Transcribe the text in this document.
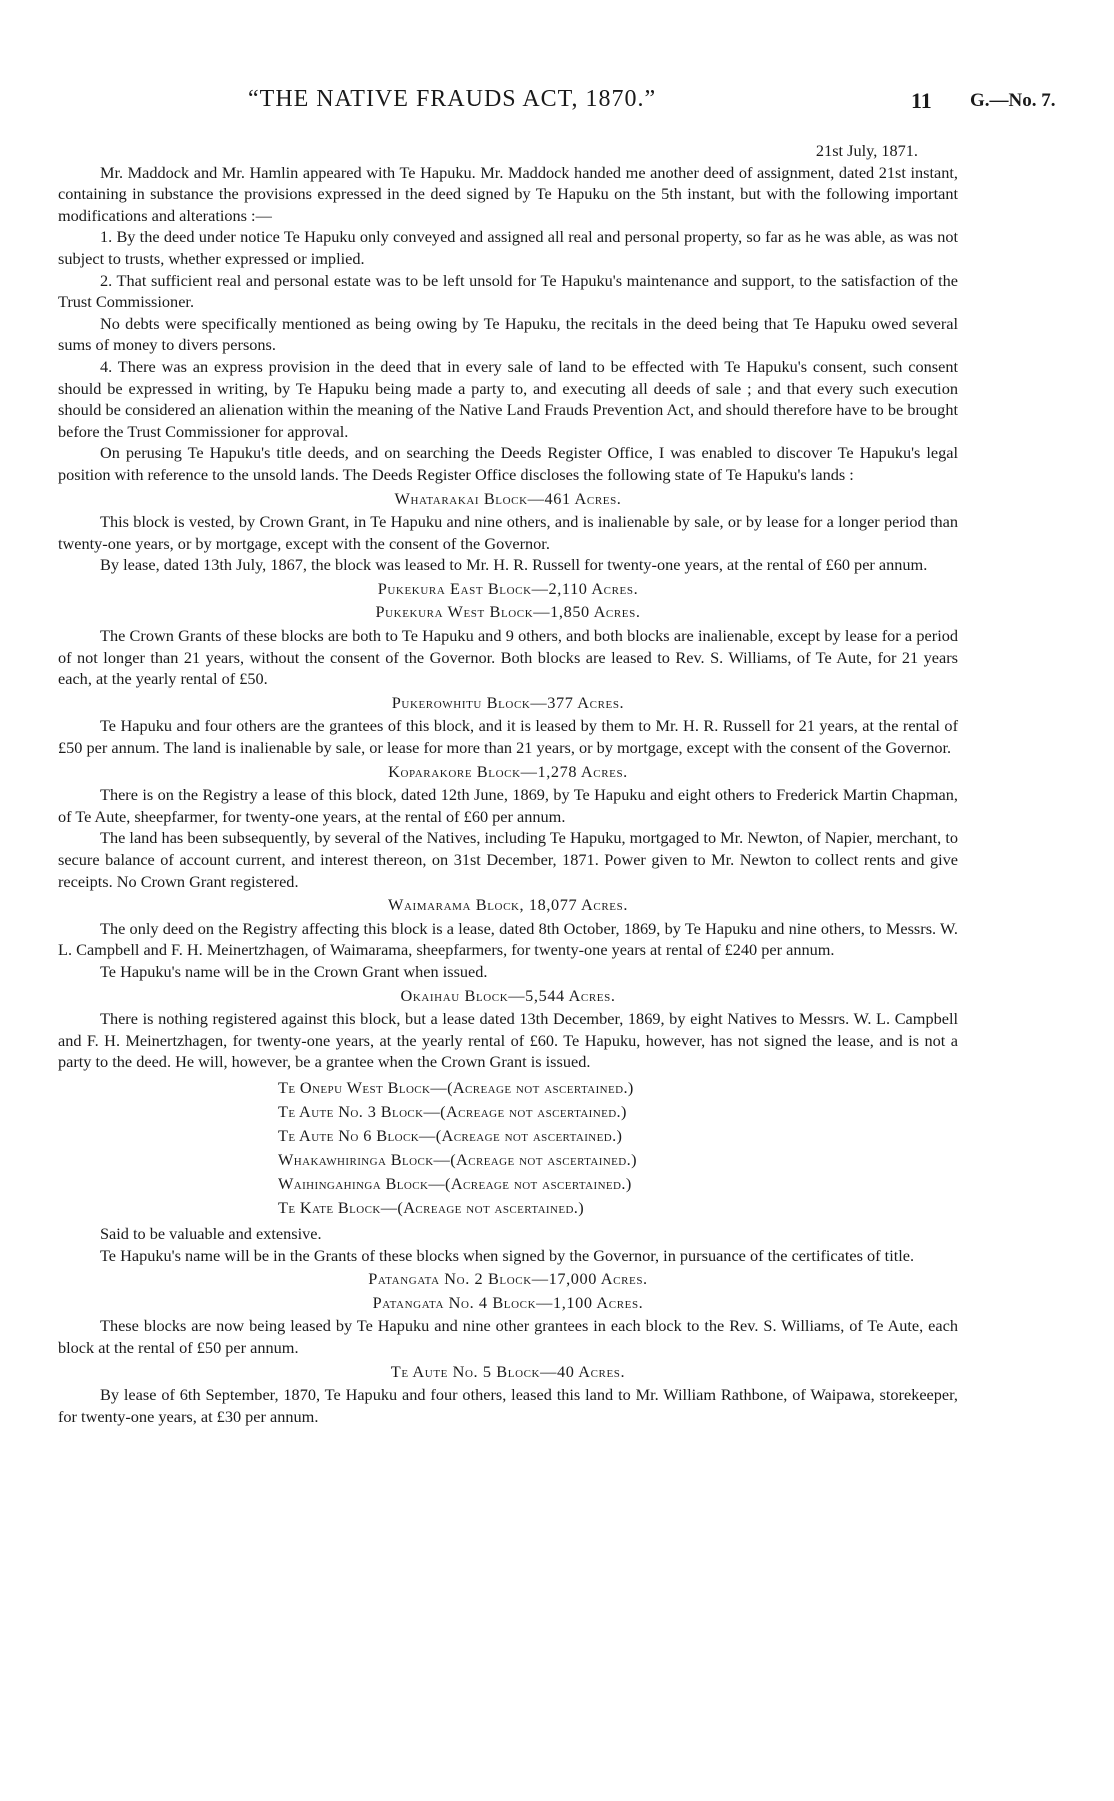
“THE NATIVE FRAUDS ACT, 1870.”	11 G.—No. 7.
21st July, 1871.

Mr. Maddock and Mr. Hamlin appeared with Te Hapuku. Mr. Maddock handed me another deed of assignment, dated 21st instant, containing in substance the provisions expressed in the deed signed by Te Hapuku on the 5th instant, but with the following important modifications and alterations :—

1. By the deed under notice Te Hapuku only conveyed and assigned all real and personal property, so far as he was able, as was not subject to trusts, whether expressed or implied.

2. That sufficient real and personal estate was to be left unsold for Te Hapuku's maintenance and support, to the satisfaction of the Trust Commissioner.

No debts were specifically mentioned as being owing by Te Hapuku, the recitals in the deed being that Te Hapuku owed several sums of money to divers persons.

4. There was an express provision in the deed that in every sale of land to be effected with Te Hapuku's consent, such consent should be expressed in writing, by Te Hapuku being made a party to, and executing all deeds of sale ; and that every such execution should be considered an alienation within the meaning of the Native Land Frauds Prevention Act, and should therefore have to be brought before the Trust Commissioner for approval.

On perusing Te Hapuku's title deeds, and on searching the Deeds Register Office, I was enabled to discover Te Hapuku's legal position with reference to the unsold lands. The Deeds Register Office discloses the following state of Te Hapuku's lands :

Whatarakai Block—461 Acres.

This block is vested, by Crown Grant, in Te Hapuku and nine others, and is inalienable by sale, or by lease for a longer period than twenty-one years, or by mortgage, except with the consent of the Governor.

By lease, dated 13th July, 1867, the block was leased to Mr. H. R. Russell for twenty-one years, at the rental of £60 per annum.

Pukekura East Block—2,110 Acres.
Pukekura West Block—1,850 Acres.

The Crown Grants of these blocks are both to Te Hapuku and 9 others, and both blocks are inalienable, except by lease for a period of not longer than 21 years, without the consent of the Governor. Both blocks are leased to Rev. S. Williams, of Te Aute, for 21 years each, at the yearly rental of £50.

Pukerowhitu Block—377 Acres.

Te Hapuku and four others are the grantees of this block, and it is leased by them to Mr. H. R. Russell for 21 years, at the rental of £50 per annum. The land is inalienable by sale, or lease for more than 21 years, or by mortgage, except with the consent of the Governor.

Koparakore Block—1,278 Acres.

There is on the Registry a lease of this block, dated 12th June, 1869, by Te Hapuku and eight others to Frederick Martin Chapman, of Te Aute, sheepfarmer, for twenty-one years, at the rental of £60 per annum.

The land has been subsequently, by several of the Natives, including Te Hapuku, mortgaged to Mr. Newton, of Napier, merchant, to secure balance of account current, and interest thereon, on 31st December, 1871. Power given to Mr. Newton to collect rents and give receipts. No Crown Grant registered.

Waimarama Block, 18,077 Acres.

The only deed on the Registry affecting this block is a lease, dated 8th October, 1869, by Te Hapuku and nine others, to Messrs. W. L. Campbell and F. H. Meinertzhagen, of Waimarama, sheepfarmers, for twenty-one years at rental of £240 per annum.

Te Hapuku's name will be in the Crown Grant when issued.

Okaihau Block—5,544 Acres.

There is nothing registered against this block, but a lease dated 13th December, 1869, by eight Natives to Messrs. W. L. Campbell and F. H. Meinertzhagen, for twenty-one years, at the yearly rental of £60. Te Hapuku, however, has not signed the lease, and is not a party to the deed. He will, however, be a grantee when the Crown Grant is issued.

Te Onepu West Block—(Acreage not ascertained.)
Te Aute No. 3 Block—(Acreage not ascertained.)
Te Aute No 6 Block—(Acreage not ascertained.)
Whakawhiringa Block—(Acreage not ascertained.)
Waihingahinga Block—(Acreage not ascertained.)
Te Kate Block—(Acreage not ascertained.)

Said to be valuable and extensive.

Te Hapuku's name will be in the Grants of these blocks when signed by the Governor, in pursuance of the certificates of title.

Patangata No. 2 Block—17,000 Acres.
Patangata No. 4 Block—1,100 Acres.

These blocks are now being leased by Te Hapuku and nine other grantees in each block to the Rev. S. Williams, of Te Aute, each block at the rental of £50 per annum.

Te Aute No. 5 Block—40 Acres.

By lease of 6th September, 1870, Te Hapuku and four others, leased this land to Mr. William Rathbone, of Waipawa, storekeeper, for twenty-one years, at £30 per annum.
